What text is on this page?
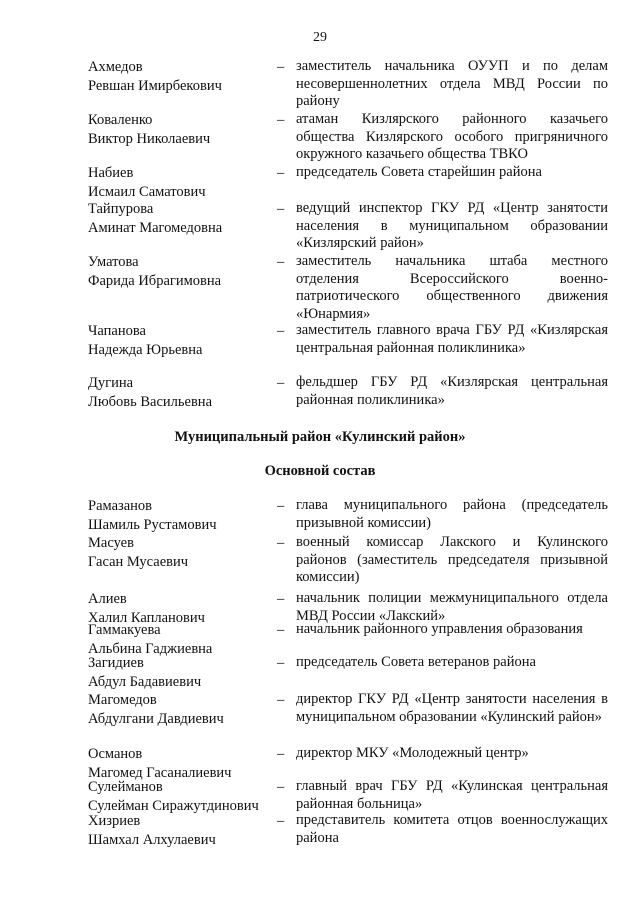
29
Ахмедов
Ревшан Имирбекович
– заместитель начальника ОУУП и по делам несовершеннолетних отдела МВД России по району
Коваленко
Виктор Николаевич
– атаман Кизлярского районного казачьего общества Кизлярского особого пригряничного окружного казачьего общества ТВКО
Набиев
Исмаил Саматович
– председатель Совета старейшин района
Тайпурова
Аминат Магомедовна
– ведущий инспектор ГКУ РД «Центр занятости населения в муниципальном образовании «Кизлярский район»
Уматова
Фарида Ибрагимовна
– заместитель начальника штаба местного отделения Всероссийского военно-патриотического общественного движения «Юнармия»
Чапанова
Надежда Юрьевна
– заместитель главного врача ГБУ РД «Кизлярская центральная районная поликлиника»
Дугина
Любовь Васильевна
– фельдшер ГБУ РД «Кизлярская центральная районная поликлиника»
Муниципальный район «Кулинский район»
Основной состав
Рамазанов
Шамиль Рустамович
– глава муниципального района (председатель призывной комиссии)
Масуев
Гасан Мусаевич
– военный комиссар Лакского и Кулинского районов (заместитель председателя призывной комиссии)
Алиев
Халил Капланович
– начальник полиции межмуниципального отдела МВД России «Лакский»
Гаммакуева
Альбина Гаджиевна
– начальник районного управления образования
Загидиев
Абдул Бадавиевич
– председатель Совета ветеранов района
Магомедов
Абдулгани Давдиевич
– директор ГКУ РД «Центр занятости населения в муниципальном образовании «Кулинский район»
Османов
Магомед Гасаналиевич
– директор МКУ «Молодежный центр»
Сулейманов
Сулейман Сиражутдинович
– главный врач ГБУ РД «Кулинская центральная районная больница»
Хизриев
Шамхал Алхулаевич
– представитель комитета отцов военнослужащих района
